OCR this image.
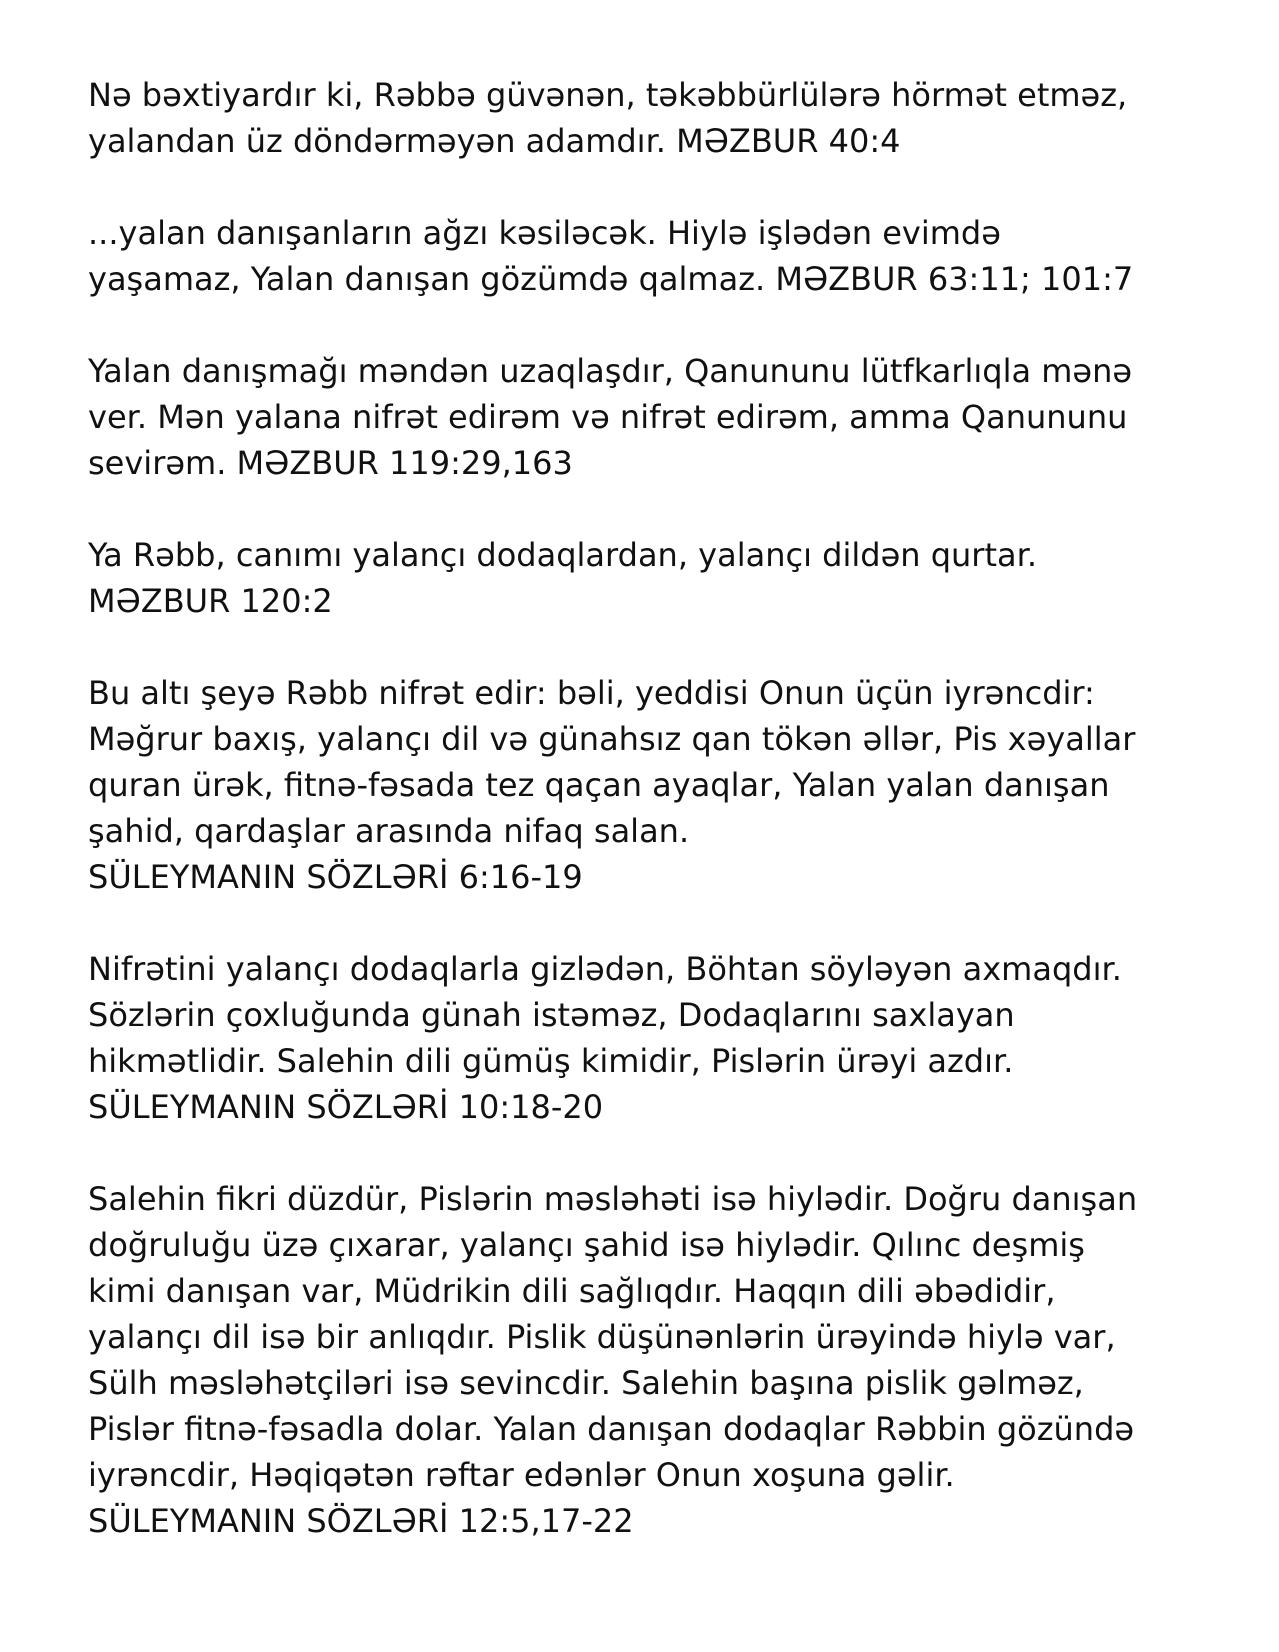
Nə bəxtiyardır ki, Rəbbə güvənən, təkəbbürlülərə hörmət etməz,
yalandan üz döndərməyən adamdır. MƏZBUR 40:4
...yalan danışanların ağzı kəsiləcək. Hiylə işlədən evimdə
yaşamaz, Yalan danışan gözümdə qalmaz. MƏZBUR 63:11; 101:7
Yalan danışmağı məndən uzaqlaşdır, Qanununu lütfkarlıqla mənə
ver. Mən yalana nifrət edirəm və nifrət edirəm, amma Qanununu
sevirəm. MƏZBUR 119:29,163
Ya Rəbb, canımı yalançı dodaqlardan, yalançı dildən qurtar.
MƏZBUR 120:2
Bu altı şeyə Rəbb nifrət edir: bəli, yeddisi Onun üçün iyrəncdir:
Məğrur baxış, yalançı dil və günahsız qan tökən əllər, Pis xəyallar
quran ürək, fitnə-fəsada tez qaçan ayaqlar, Yalan yalan danışan
şahid, qardaşlar arasında nifaq salan.
SÜLEYMANIN SÖZLƏRİ 6:16-19
Nifrətini yalançı dodaqlarla gizlədən, Böhtan söyləyən axmaqdır.
Sözlərin çoxluğunda günah istəməz, Dodaqlarını saxlayan
hikmətlidir. Salehin dili gümüş kimidir, Pislərin ürəyi azdır.
SÜLEYMANIN SÖZLƏRİ 10:18-20
Salehin fikri düzdür, Pislərin məsləhəti isə hiylədir. Doğru danışan
doğruluğu üzə çıxarar, yalançı şahid isə hiylədir. Qılınc deşmiş
kimi danışan var, Müdrikin dili sağlıqdır. Haqqın dili əbədidir,
yalançı dil isə bir anlıqdır. Pislik düşünənlərin ürəyində hiylə var,
Sülh məsləhətçiləri isə sevincdir. Salehin başına pislik gəlməz,
Pislər fitnə-fəsadla dolar. Yalan danışan dodaqlar Rəbbin gözündə
iyrəncdir, Həqiqətən rəftar edənlər Onun xoşuna gəlir.
SÜLEYMANIN SÖZLƏRİ 12:5,17-22
